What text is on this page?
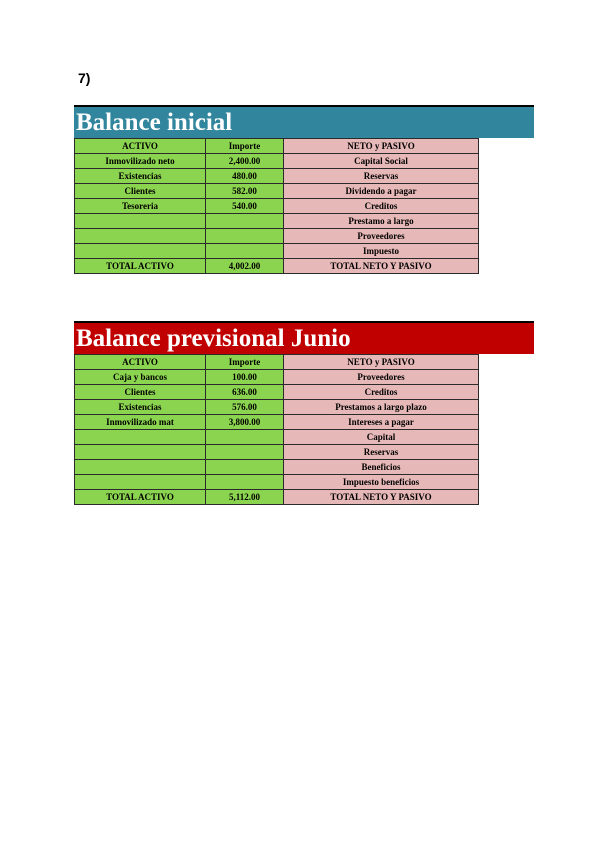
7)
Balance inicial
ACTIVO	Importe	NETO y PASIVO
Inmovilizado neto	2,400.00	Capital Social
Existencias	480.00	Reservas
Clientes	582.00	Dividendo a pagar
Tesoreria	540.00	Creditos
		Prestamo a largo
		Proveedores
		Impuesto
TOTAL ACTIVO	4,002.00	TOTAL NETO Y PASIVO
Balance previsional Junio
ACTIVO	Importe	NETO y PASIVO
Caja y bancos	100.00	Proveedores
Clientes	636.00	Creditos
Existencias	576.00	Prestamos a largo plazo
Inmovilizado mat	3,800.00	Intereses a pagar
		Capital
		Reservas
		Beneficios
		Impuesto beneficios
TOTAL ACTIVO	5,112.00	TOTAL NETO Y PASIVO
